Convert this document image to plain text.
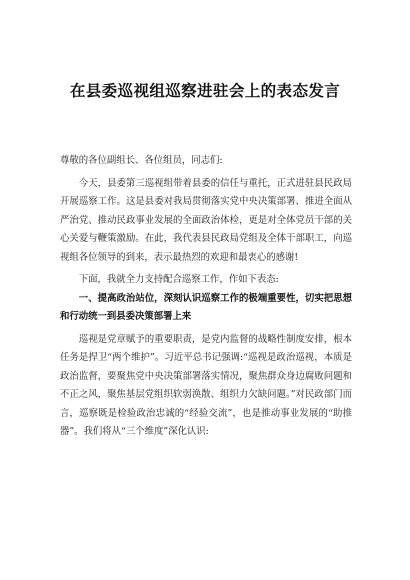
在县委巡视组巡察进驻会上的表态发言

尊敬的各位副组长、各位组员，同志们:

今天，县委第三巡视组带着县委的信任与重托，正式进驻县民政局开展巡察工作。这是县委对我局贯彻落实党中央决策部署、推进全面从严治党、推动民政事业发展的全面政治体检，更是对全体党员干部的关心关爱与鞭策激励。在此，我代表县民政局党组及全体干部职工，向巡视组各位领导的到来，表示最热烈的欢迎和最衷心的感谢!

下面，我就全力支持配合巡察工作，作如下表态:

一、提高政治站位，深刻认识巡察工作的极端重要性，切实把思想和行动统一到县委决策部署上来

巡视是党章赋予的重要职责，是党内监督的战略性制度安排，根本任务是捍卫“两个维护”。习近平总书记强调:“巡视是政治巡视，本质是政治监督，要聚焦党中央决策部署落实情况，聚焦群众身边腐败问题和不正之风，聚焦基层党组织软弱涣散、组织力欠缺问题。”对民政部门而言，巡察既是检验政治忠诚的“经验交流”，也是推动事业发展的“助推器”。我们将从“三个维度”深化认识:
